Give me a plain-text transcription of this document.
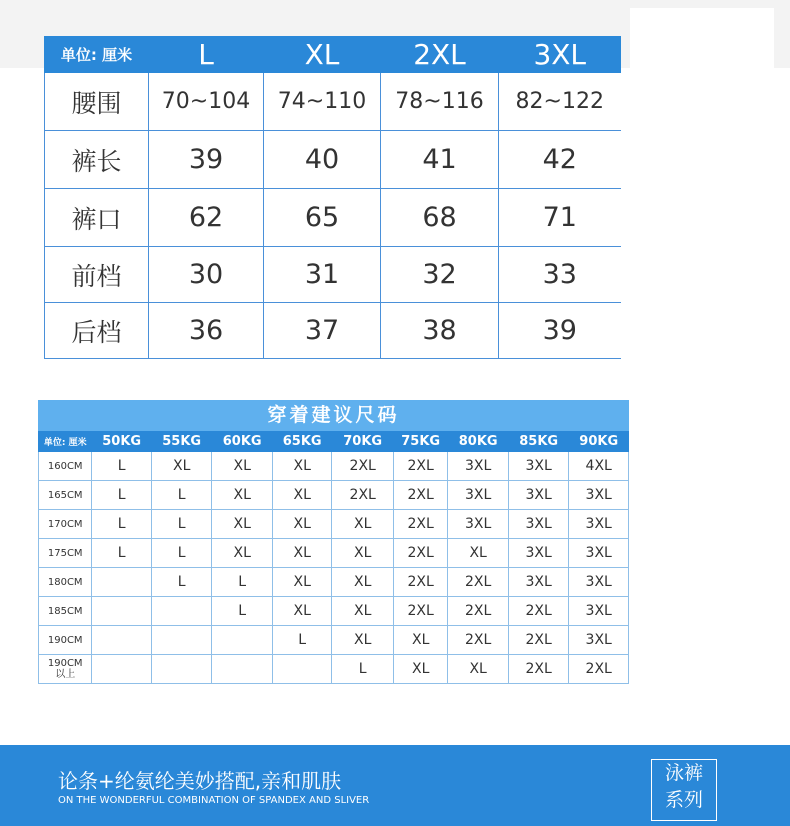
单位: 厘米	L	XL	2XL	3XL
腰围	70~104	74~110	78~116	82~122
裤长	39	40	41	42
裤口	62	65	68	71
前档	30	31	32	33
后档	36	37	38	39
穿着建议尺码
单位: 厘米	50KG	55KG	60KG	65KG	70KG	75KG	80KG	85KG	90KG
160CM	L	XL	XL	XL	2XL	2XL	3XL	3XL	4XL
165CM	L	L	XL	XL	2XL	2XL	3XL	3XL	3XL
170CM	L	L	XL	XL	XL	2XL	3XL	3XL	3XL
175CM	L	L	XL	XL	XL	2XL	XL	3XL	3XL
180CM		L	L	XL	XL	2XL	2XL	3XL	3XL
185CM			L	XL	XL	2XL	2XL	2XL	3XL
190CM				L	XL	XL	2XL	2XL	3XL
190CM
以上					L	XL	XL	2XL	2XL
论条+纶氨纶美妙搭配,亲和肌肤
ON THE WONDERFUL COMBINATION OF SPANDEX AND SLIVER
泳裤
系列
